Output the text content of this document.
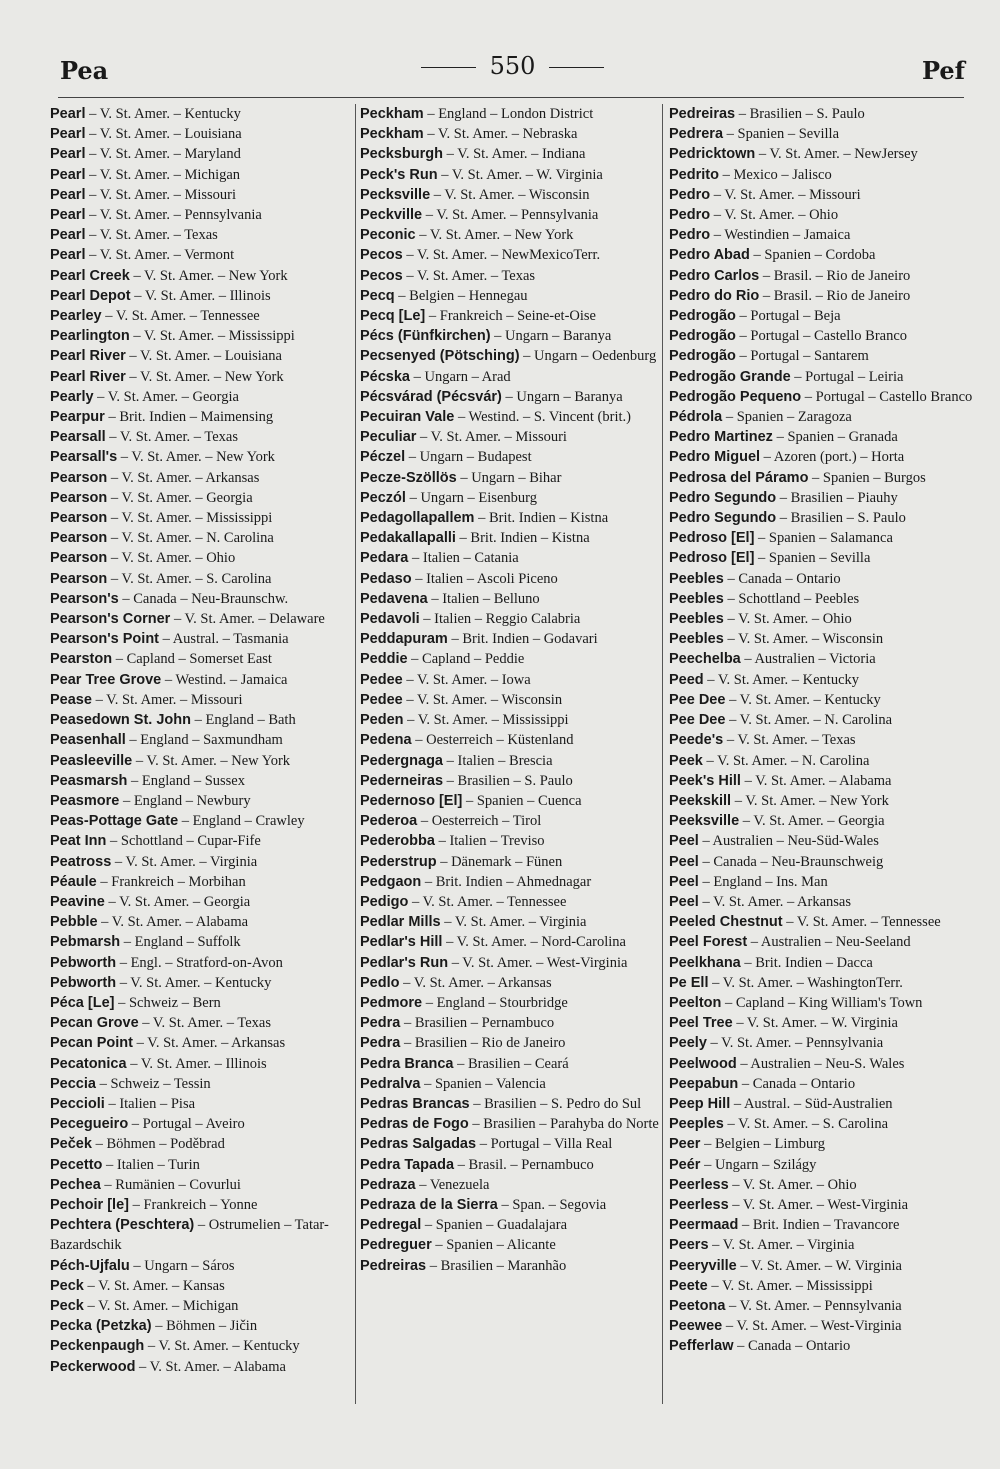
Pea	550	Pef
Pearl – V. St. Amer. – Kentucky
Pearl – V. St. Amer. – Louisiana
Pearl – V. St. Amer. – Maryland
Pearl – V. St. Amer. – Michigan
Pearl – V. St. Amer. – Missouri
Pearl – V. St. Amer. – Pennsylvania
Pearl – V. St. Amer. – Texas
Pearl – V. St. Amer. – Vermont
Pearl Creek – V. St. Amer. – New York
Pearl Depot – V. St. Amer. – Illinois
Pearley – V. St. Amer. – Tennessee
Pearlington – V. St. Amer. – Mississippi
Pearl River – V. St. Amer. – Louisiana
Pearl River – V. St. Amer. – New York
Pearly – V. St. Amer. – Georgia
Pearpur – Brit. Indien – Maimensing
Pearsall – V. St. Amer. – Texas
Pearsall's – V. St. Amer. – New York
Pearson – V. St. Amer. – Arkansas
Pearson – V. St. Amer. – Georgia
Pearson – V. St. Amer. – Mississippi
Pearson – V. St. Amer. – N. Carolina
Pearson – V. St. Amer. – Ohio
Pearson – V. St. Amer. – S. Carolina
Pearson's – Canada – Neu-Braunschw.
Pearson's Corner – V. St. Amer. – Delaware
Pearson's Point – Austral. – Tasmania
Pearston – Capland – Somerset East
Pear Tree Grove – Westind. – Jamaica
Pease – V. St. Amer. – Missouri
Peasedown St. John – England – Bath
Peasenhall – England – Saxmundham
Peasleeville – V. St. Amer. – New York
Peasmarsh – England – Sussex
Peasmore – England – Newbury
Peas-Pottage Gate – England – Crawley
Peat Inn – Schottland – Cupar-Fife
Peatross – V. St. Amer. – Virginia
Péaule – Frankreich – Morbihan
Peavine – V. St. Amer. – Georgia
Pebble – V. St. Amer. – Alabama
Pebmarsh – England – Suffolk
Pebworth – Engl. – Stratford-on-Avon
Pebworth – V. St. Amer. – Kentucky
Péca [Le] – Schweiz – Bern
Pecan Grove – V. St. Amer. – Texas
Pecan Point – V. St. Amer. – Arkansas
Pecatonica – V. St. Amer. – Illinois
Peccia – Schweiz – Tessin
Peccioli – Italien – Pisa
Pecegueiro – Portugal – Aveiro
Peček – Böhmen – Poděbrad
Pecetto – Italien – Turin
Pechea – Rumänien – Covurlui
Pechoir [le] – Frankreich – Yonne
Pechtera (Peschtera) – Ostrumelien – Tatar-Bazardschik
Péch-Ujfalu – Ungarn – Sáros
Peck – V. St. Amer. – Kansas
Peck – V. St. Amer. – Michigan
Pecka (Petzka) – Böhmen – Jičin
Peckenpaugh – V. St. Amer. – Kentucky
Peckerwood – V. St. Amer. – Alabama
Peckham – England – London District
Peckham – V. St. Amer. – Nebraska
Pecksburgh – V. St. Amer. – Indiana
Peck's Run – V. St. Amer. – W. Virginia
Pecksville – V. St. Amer. – Wisconsin
Peckville – V. St. Amer. – Pennsylvania
Peconic – V. St. Amer. – New York
Pecos – V. St. Amer. – NewMexicoTerr.
Pecos – V. St. Amer. – Texas
Pecq – Belgien – Hennegau
Pecq [Le] – Frankreich – Seine-et-Oise
Pécs (Fünfkirchen) – Ungarn – Baranya
Pecsenyed (Pötsching) – Ungarn – Oedenburg
Pécska – Ungarn – Arad
Pécsvárad (Pécsvár) – Ungarn – Baranya
Pecuiran Vale – Westind. – S. Vincent (brit.)
Peculiar – V. St. Amer. – Missouri
Péczel – Ungarn – Budapest
Pecze-Szöllös – Ungarn – Bihar
Peczól – Ungarn – Eisenburg
Pedagollapallem – Brit. Indien – Kistna
Pedakallapalli – Brit. Indien – Kistna
Pedara – Italien – Catania
Pedaso – Italien – Ascoli Piceno
Pedavena – Italien – Belluno
Pedavoli – Italien – Reggio Calabria
Peddapuram – Brit. Indien – Godavari
Peddie – Capland – Peddie
Pedee – V. St. Amer. – Iowa
Pedee – V. St. Amer. – Wisconsin
Peden – V. St. Amer. – Mississippi
Pedena – Oesterreich – Küstenland
Pedergnaga – Italien – Brescia
Pederneiras – Brasilien – S. Paulo
Pedernoso [El] – Spanien – Cuenca
Pederoa – Oesterreich – Tirol
Pederobba – Italien – Treviso
Pederstrup – Dänemark – Fünen
Pedgaon – Brit. Indien – Ahmednagar
Pedigo – V. St. Amer. – Tennessee
Pedlar Mills – V. St. Amer. – Virginia
Pedlar's Hill – V. St. Amer. – Nord-Carolina
Pedlar's Run – V. St. Amer. – West-Virginia
Pedlo – V. St. Amer. – Arkansas
Pedmore – England – Stourbridge
Pedra – Brasilien – Pernambuco
Pedra – Brasilien – Rio de Janeiro
Pedra Branca – Brasilien – Ceará
Pedralva – Spanien – Valencia
Pedras Brancas – Brasilien – S. Pedro do Sul
Pedras de Fogo – Brasilien – Parahyba do Norte
Pedras Salgadas – Portugal – Villa Real
Pedra Tapada – Brasil. – Pernambuco
Pedraza – Venezuela
Pedraza de la Sierra – Span. – Segovia
Pedregal – Spanien – Guadalajara
Pedreguer – Spanien – Alicante
Pedreiras – Brasilien – Maranhão
Pedreiras – Brasilien – S. Paulo
Pedrera – Spanien – Sevilla
Pedricktown – V. St. Amer. – NewJersey
Pedrito – Mexico – Jalisco
Pedro – V. St. Amer. – Missouri
Pedro – V. St. Amer. – Ohio
Pedro – Westindien – Jamaica
Pedro Abad – Spanien – Cordoba
Pedro Carlos – Brasil. – Rio de Janeiro
Pedro do Rio – Brasil. – Rio de Janeiro
Pedrogão – Portugal – Beja
Pedrogão – Portugal – Castello Branco
Pedrogão – Portugal – Santarem
Pedrogão Grande – Portugal – Leiria
Pedrogão Pequeno – Portugal – Castello Branco
Pédrola – Spanien – Zaragoza
Pedro Martinez – Spanien – Granada
Pedro Miguel – Azoren (port.) – Horta
Pedrosa del Páramo – Spanien – Burgos
Pedro Segundo – Brasilien – Piauhy
Pedro Segundo – Brasilien – S. Paulo
Pedroso [El] – Spanien – Salamanca
Pedroso [El] – Spanien – Sevilla
Peebles – Canada – Ontario
Peebles – Schottland – Peebles
Peebles – V. St. Amer. – Ohio
Peebles – V. St. Amer. – Wisconsin
Peechelba – Australien – Victoria
Peed – V. St. Amer. – Kentucky
Pee Dee – V. St. Amer. – Kentucky
Pee Dee – V. St. Amer. – N. Carolina
Peede's – V. St. Amer. – Texas
Peek – V. St. Amer. – N. Carolina
Peek's Hill – V. St. Amer. – Alabama
Peekskill – V. St. Amer. – New York
Peeksville – V. St. Amer. – Georgia
Peel – Australien – Neu-Süd-Wales
Peel – Canada – Neu-Braunschweig
Peel – England – Ins. Man
Peel – V. St. Amer. – Arkansas
Peeled Chestnut – V. St. Amer. – Tennessee
Peel Forest – Australien – Neu-Seeland
Peelkhana – Brit. Indien – Dacca
Pe Ell – V. St. Amer. – WashingtonTerr.
Peelton – Capland – King William's Town
Peel Tree – V. St. Amer. – W. Virginia
Peely – V. St. Amer. – Pennsylvania
Peelwood – Australien – Neu-S. Wales
Peepabun – Canada – Ontario
Peep Hill – Austral. – Süd-Australien
Peeples – V. St. Amer. – S. Carolina
Peer – Belgien – Limburg
Peér – Ungarn – Szilágy
Peerless – V. St. Amer. – Ohio
Peerless – V. St. Amer. – West-Virginia
Peermaad – Brit. Indien – Travancore
Peers – V. St. Amer. – Virginia
Peeryville – V. St. Amer. – W. Virginia
Peete – V. St. Amer. – Mississippi
Peetona – V. St. Amer. – Pennsylvania
Peewee – V. St. Amer. – West-Virginia
Pefferlaw – Canada – Ontario
